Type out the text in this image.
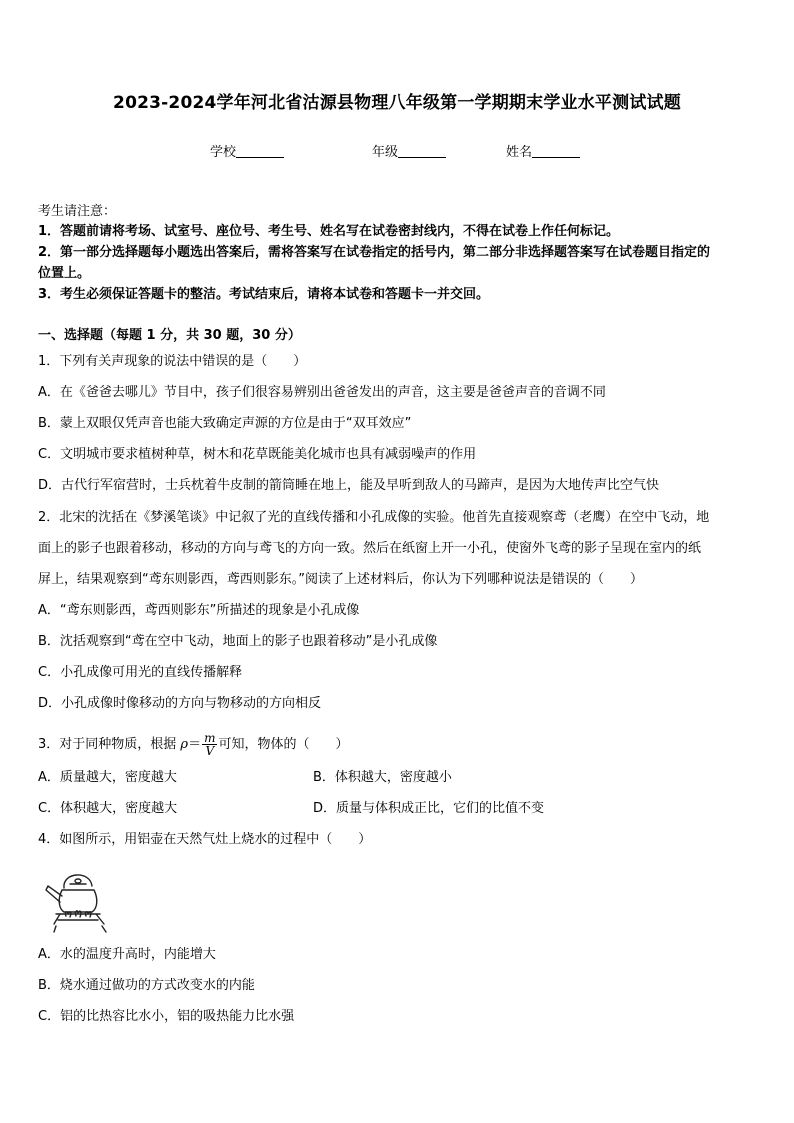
2023-2024学年河北省沽源县物理八年级第一学期期末学业水平测试试题
学校	年级	姓名
考生请注意：
1．答题前请将考场、试室号、座位号、考生号、姓名写在试卷密封线内，不得在试卷上作任何标记。
2．第一部分选择题每小题选出答案后，需将答案写在试卷指定的括号内，第二部分非选择题答案写在试卷题目指定的
位置上。
3．考生必须保证答题卡的整洁。考试结束后，请将本试卷和答题卡一并交回。
一、选择题（每题 1 分，共 30 题，30 分）
1．下列有关声现象的说法中错误的是（　　）
A．在《爸爸去哪儿》节目中，孩子们很容易辨别出爸爸发出的声音，这主要是爸爸声音的音调不同
B．蒙上双眼仅凭声音也能大致确定声源的方位是由于“双耳效应”
C．文明城市要求植树种草，树木和花草既能美化城市也具有减弱噪声的作用
D．古代行军宿营时，士兵枕着牛皮制的箭筒睡在地上，能及早听到敌人的马蹄声，是因为大地传声比空气快
2．北宋的沈括在《梦溪笔谈》中记叙了光的直线传播和小孔成像的实验。他首先直接观察鸢（老鹰）在空中飞动，地
面上的影子也跟着移动，移动的方向与鸢飞的方向一致。然后在纸窗上开一小孔，使窗外飞鸢的影子呈现在室内的纸
屏上，结果观察到“鸢东则影西，鸢西则影东。”阅读了上述材料后，你认为下列哪种说法是错误的（　　）
A．“鸢东则影西，鸢西则影东”所描述的现象是小孔成像
B．沈括观察到“鸢在空中飞动，地面上的影子也跟着移动”是小孔成像
C．小孔成像可用光的直线传播解释
D．小孔成像时像移动的方向与物移动的方向相反
3．对于同种物质，根据 $\rho= \frac{m}{V}$ 可知，物体的（　　）
A．质量越大，密度越大	B．体积越大，密度越小
C．体积越大，密度越大	D．质量与体积成正比，它们的比值不变
4．如图所示，用铝壶在天然气灶上烧水的过程中（　　）
A．水的温度升高时，内能增大
B．烧水通过做功的方式改变水的内能
C．铝的比热容比水小，铝的吸热能力比水强
